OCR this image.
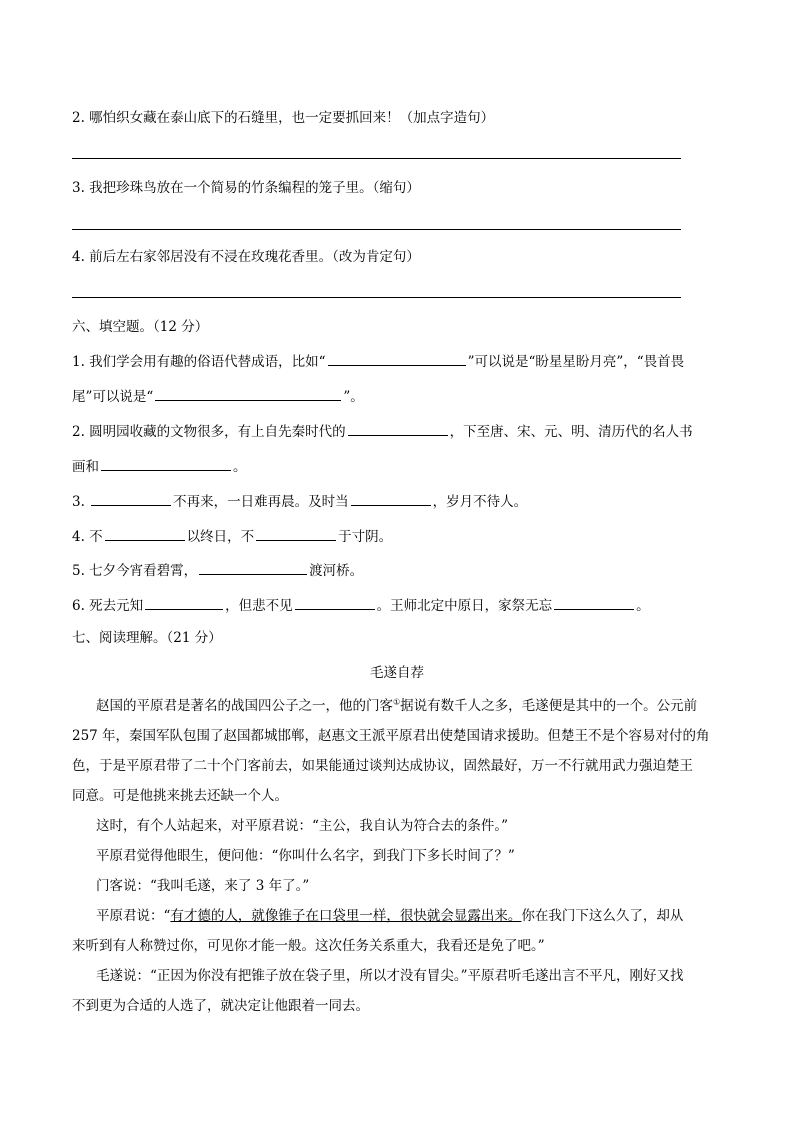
2. 哪怕织女藏在泰山底下的石缝里，也一定要抓回来！（加点字造句）
3. 我把珍珠鸟放在一个简易的竹条编程的笼子里。（缩句）
4. 前后左右家邻居没有不浸在玫瑰花香里。（改为肯定句）
六、填空题。（12 分）
1. 我们学会用有趣的俗语代替成语，比如“	”可以说是“盼星星盼月亮”，“畏首畏
尾”可以说是“	”。
2. 圆明园收藏的文物很多，有上自先秦时代的	，下至唐、宋、元、明、清历代的名人书
画和	。
3.	不再来，一日难再晨。及时当	，岁月不待人。
4. 不	以终日，不	于寸阴。
5. 七夕今宵看碧霄，	渡河桥。
6. 死去元知	，但悲不见	。王师北定中原日，家祭无忘	。
七、阅读理解。（21 分）
毛遂自荐
赵国的平原君是著名的战国四公子之一，他的门客①据说有数千人之多，毛遂便是其中的一个。公元前
257 年，秦国军队包围了赵国都城邯郸，赵惠文王派平原君出使楚国请求援助。但楚王不是个容易对付的角
色，于是平原君带了二十个门客前去，如果能通过谈判达成协议，固然最好，万一不行就用武力强迫楚王
同意。可是他挑来挑去还缺一个人。
这时，有个人站起来，对平原君说：“主公，我自认为符合去的条件。”
平原君觉得他眼生，便问他：“你叫什么名字，到我门下多长时间了？”
门客说：“我叫毛遂，来了 3 年了。”
平原君说：“有才德的人，就像锥子在口袋里一样，很快就会显露出来。你在我门下这么久了，却从
来听到有人称赞过你，可见你才能一般。这次任务关系重大，我看还是免了吧。”
毛遂说：“正因为你没有把锥子放在袋子里，所以才没有冒尖。”平原君听毛遂出言不平凡，刚好又找
不到更为合适的人选了，就决定让他跟着一同去。
